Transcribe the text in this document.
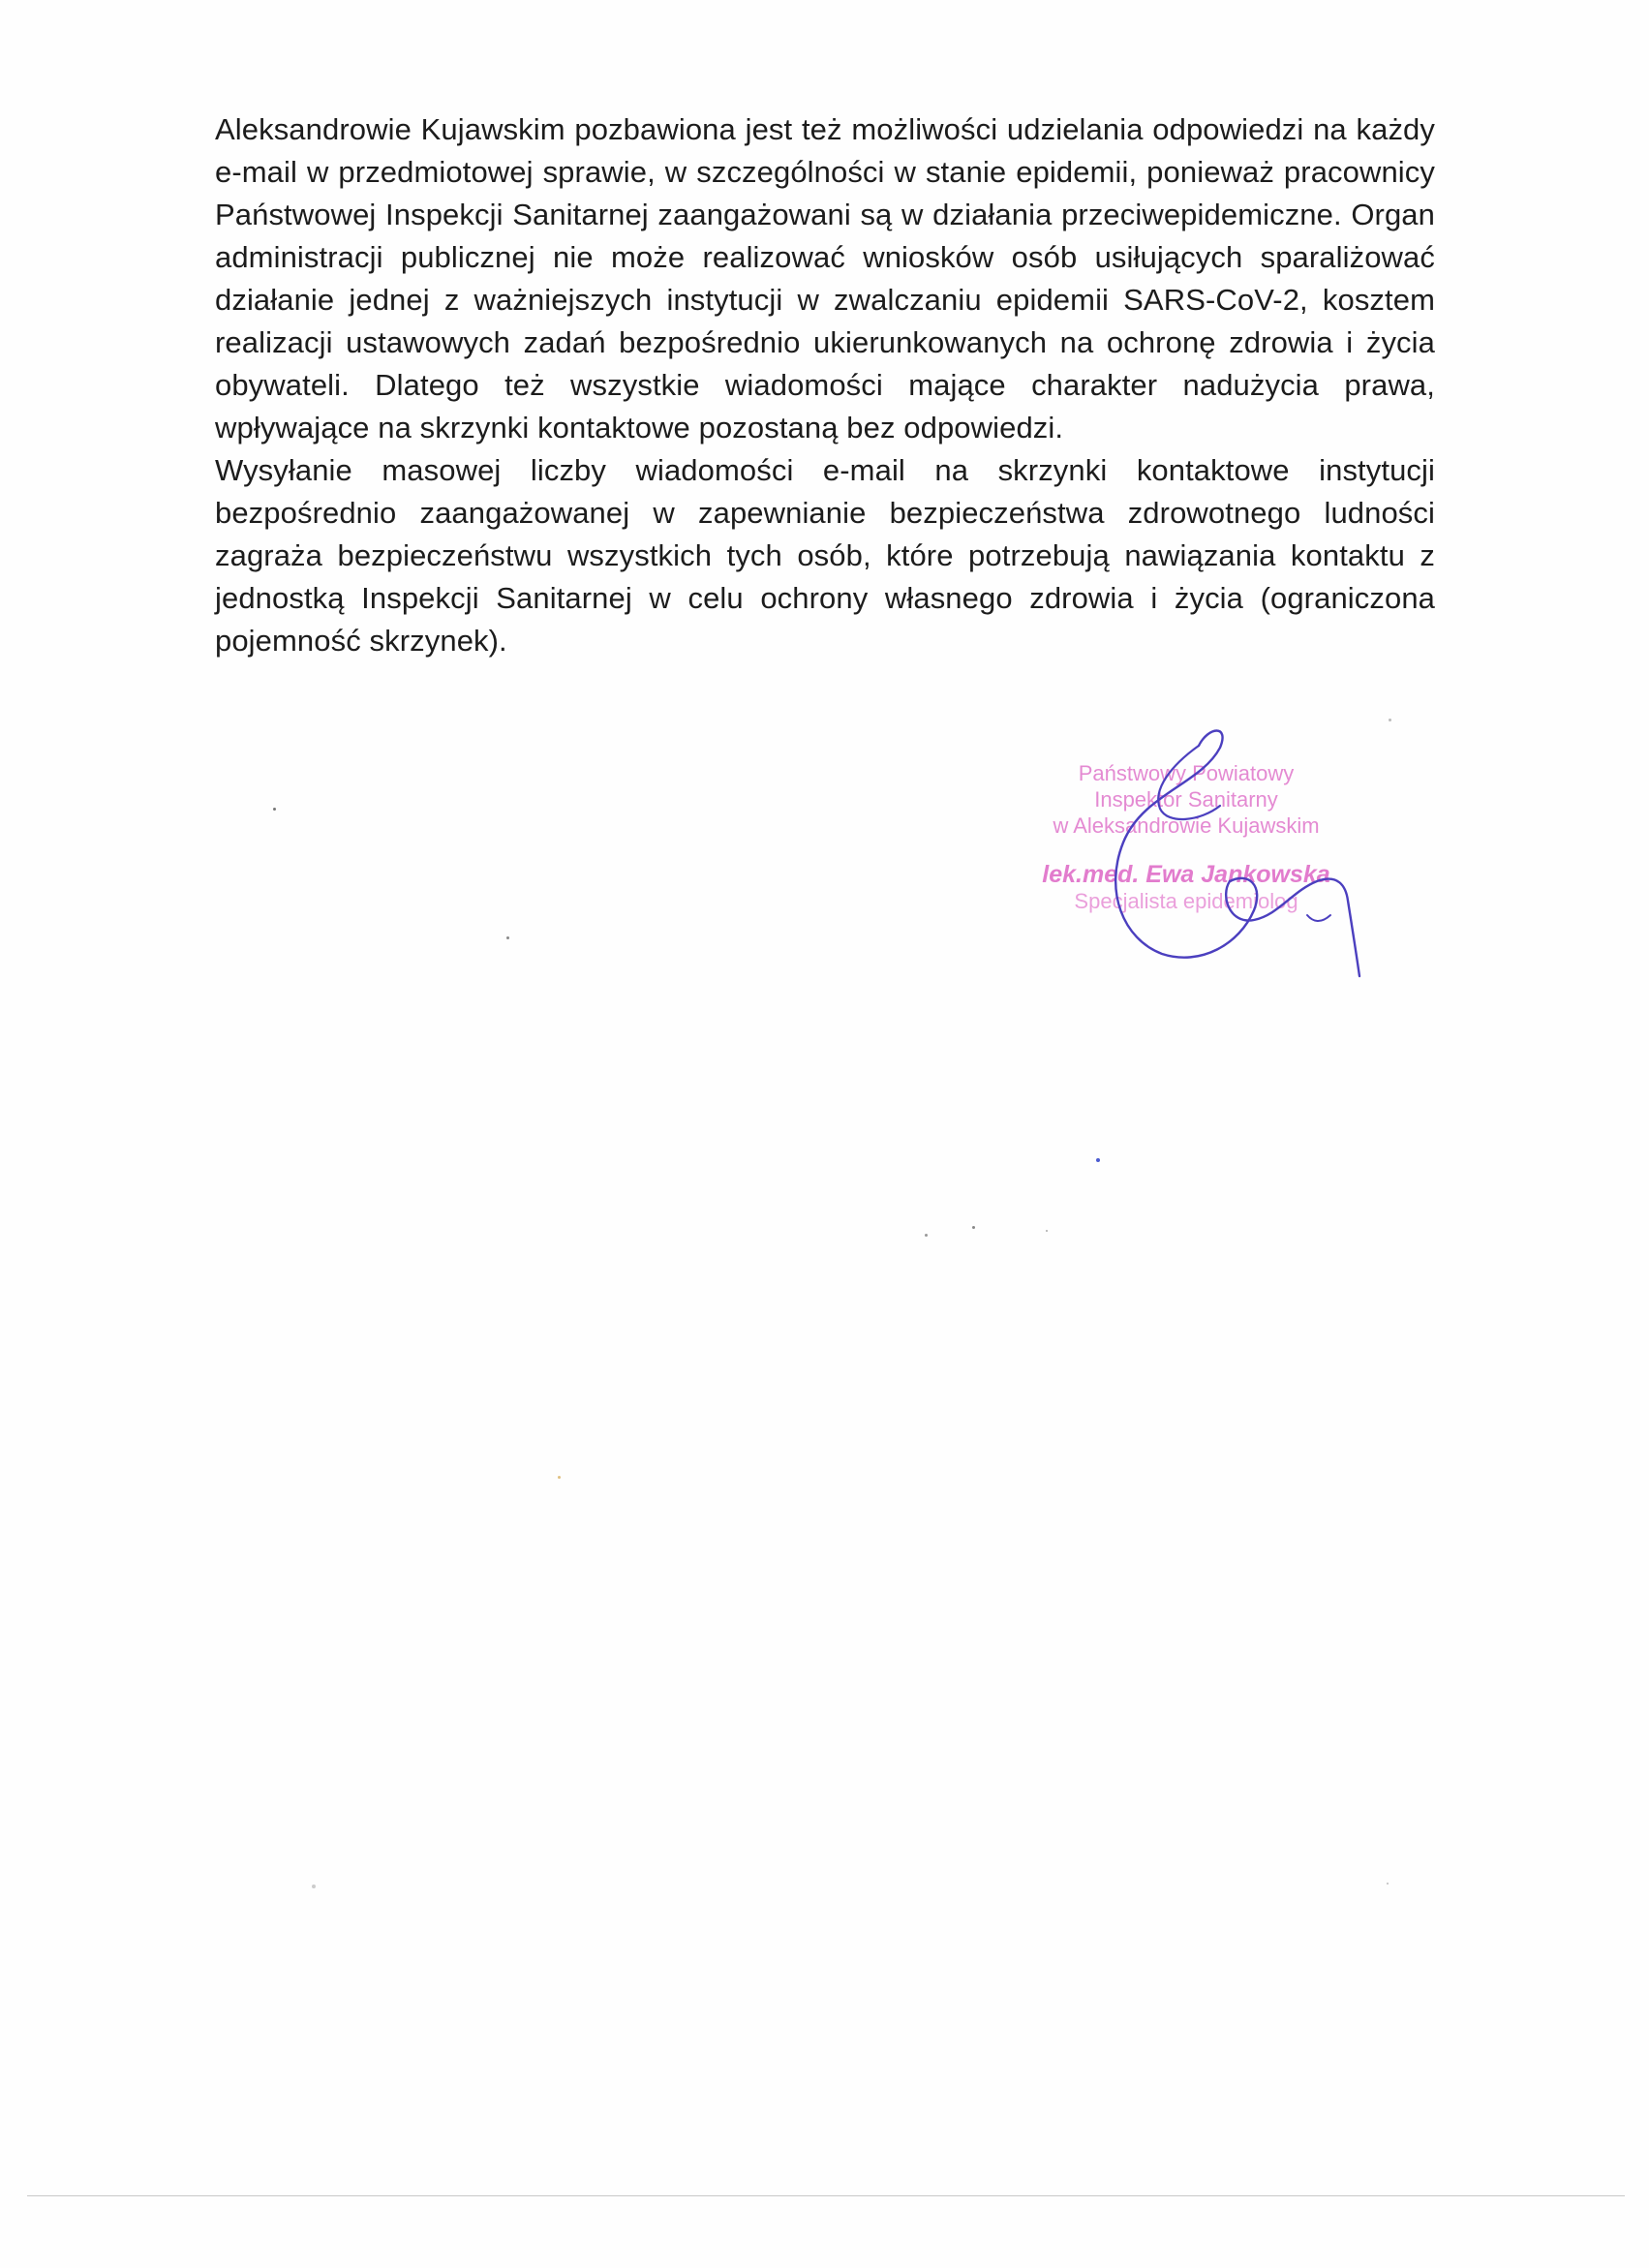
Aleksandrowie Kujawskim pozbawiona jest też możliwości udzielania odpowiedzi na każdy e-mail w przedmiotowej sprawie, w szczególności w stanie epidemii, ponieważ pracownicy Państwowej Inspekcji Sanitarnej zaangażowani są w działania przeciwepidemiczne. Organ administracji publicznej nie może realizować wniosków osób usiłujących sparaliżować działanie jednej z ważniejszych instytucji w zwalczaniu epidemii SARS-CoV-2, kosztem realizacji ustawowych zadań bezpośrednio ukierunkowanych na ochronę zdrowia i życia obywateli. Dlatego też wszystkie wiadomości mające charakter nadużycia prawa, wpływające na skrzynki kontaktowe pozostaną bez odpowiedzi.

Wysyłanie masowej liczby wiadomości e-mail na skrzynki kontaktowe instytucji bezpośrednio zaangażowanej w zapewnianie bezpieczeństwa zdrowotnego ludności zagraża bezpieczeństwu wszystkich tych osób, które potrzebują nawiązania kontaktu z jednostką Inspekcji Sanitarnej w celu ochrony własnego zdrowia i życia (ograniczona pojemność skrzynek).

Państwowy Powiatowy
Inspektor Sanitarny
w Aleksandrowie Kujawskim
lek.med. Ewa Jankowska
Specjalista epidemiolog
